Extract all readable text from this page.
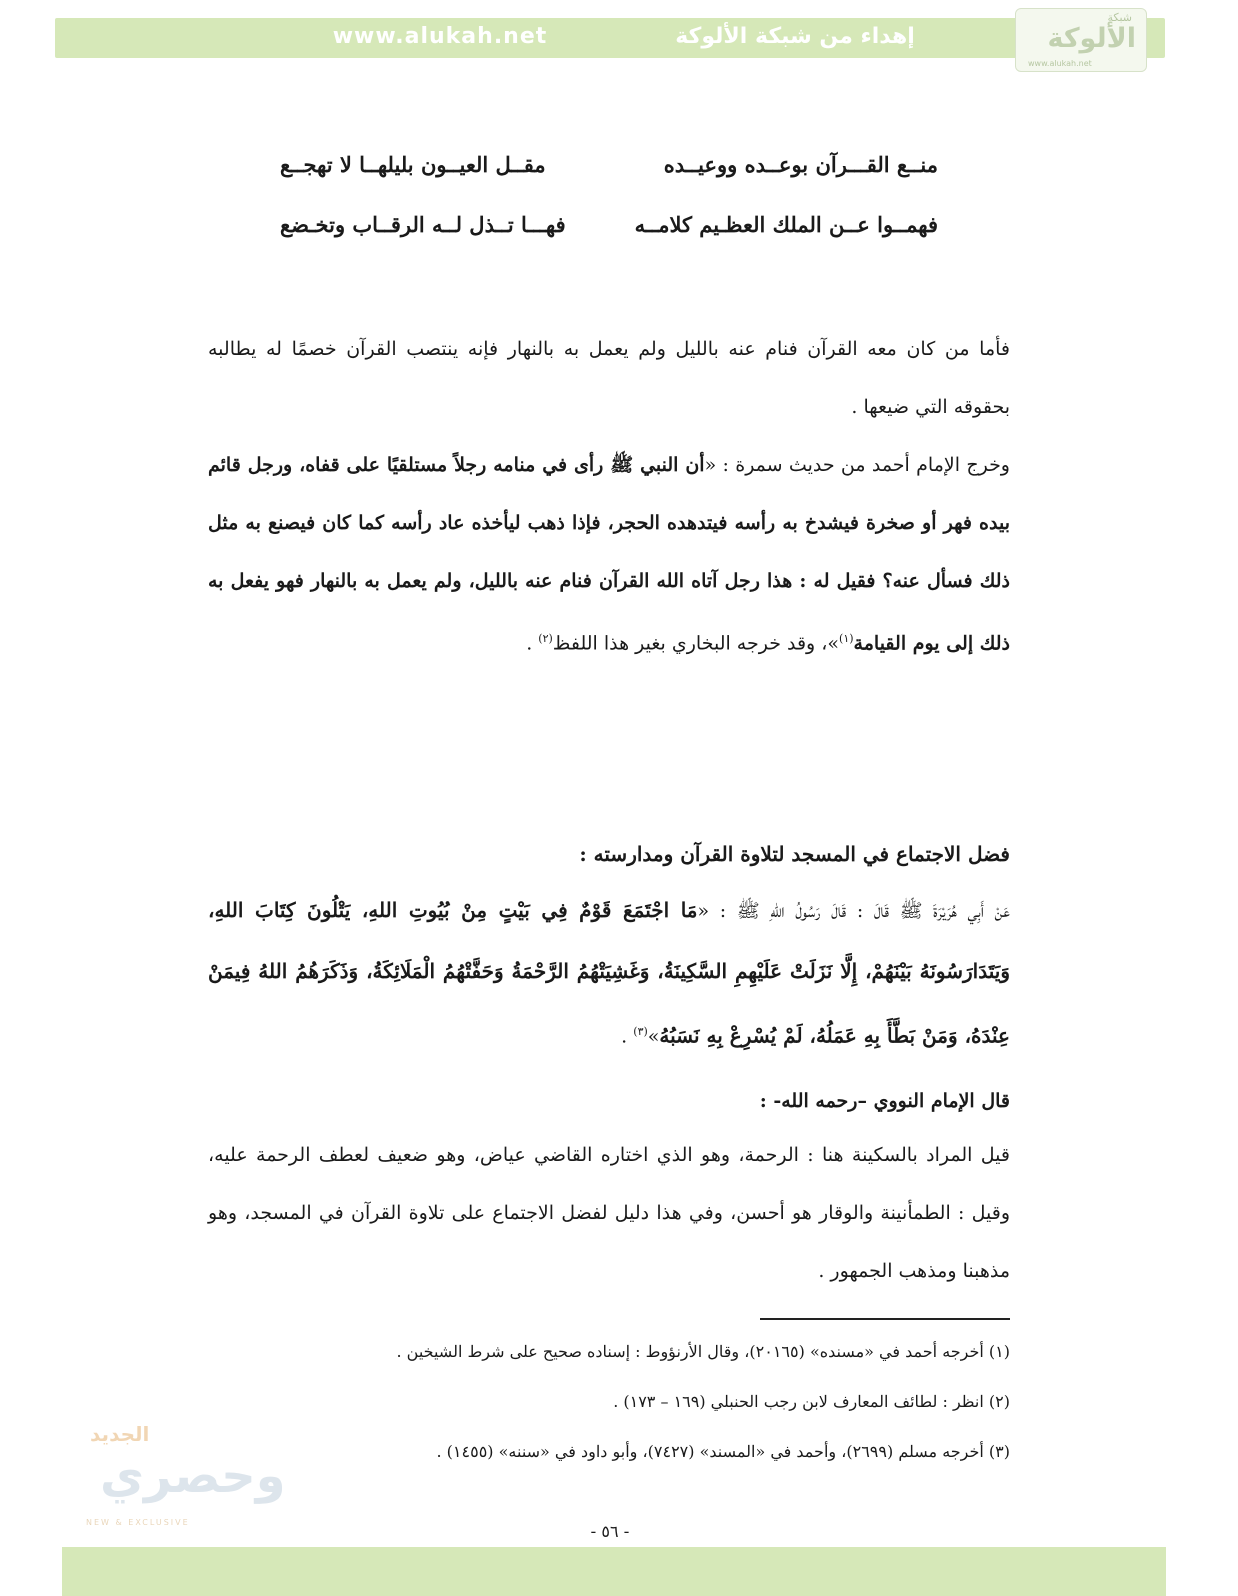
www.alukah.net	إهداء من شبكة الألوكة
شبكة
الألوكة
www.alukah.net
منــع القـــرآن بوعــده ووعيــده
مقــل العيــون بليلهــا لا تهجــع
فهمــوا عــن الملك العظـيم كلامــه
فهـــا تــذل لــه الرقــاب وتخـضع

فأما من كان معه القرآن فنام عنه بالليل ولم يعمل به بالنهار فإنه ينتصب القرآن خصمًا له يطالبه بحقوقه التي ضيعها .

وخرج الإمام أحمد من حديث سمرة : «أن النبي ﷺ رأى في منامه رجلاً مستلقيًا على قفاه، ورجل قائم بيده فهر أو صخرة فيشدخ به رأسه فيتدهده الحجر، فإذا ذهب ليأخذه عاد رأسه كما كان فيصنع به مثل ذلك فسأل عنه؟ فقيل له : هذا رجل آتاه الله القرآن فنام عنه بالليل، ولم يعمل به بالنهار فهو يفعل به ذلك إلى يوم القيامة$^{(١)}$»، وقد خرجه البخاري بغير هذا اللفظ$^{(٢)}$ .

فضل الاجتماع في المسجد لتلاوة القرآن ومدارسته :

عَنْ أَبِي هُرَيْرَةَ ﷺ قَالَ : قَالَ رَسُولُ اللهِ ﷺ : «مَا اجْتَمَعَ قَوْمٌ فِي بَيْتٍ مِنْ بُيُوتِ اللهِ، يَتْلُونَ كِتَابَ اللهِ، وَيَتَدَارَسُونَهُ بَيْنَهُمْ، إِلَّا نَزَلَتْ عَلَيْهِمِ السَّكِينَةُ، وَغَشِيَتْهُمُ الرَّحْمَةُ وَحَفَّتْهُمُ الْمَلَائِكَةُ، وَذَكَرَهُمُ اللهُ فِيمَنْ عِنْدَهُ، وَمَنْ بَطَّأَ بِهِ عَمَلُهُ، لَمْ يُسْرِعْ بِهِ نَسَبُهُ»$^{(٣)}$ .

قال الإمام النووي –رحمه الله- :

قيل المراد بالسكينة هنا : الرحمة، وهو الذي اختاره القاضي عياض، وهو ضعيف لعطف الرحمة عليه، وقيل : الطمأنينة والوقار هو أحسن، وفي هذا دليل لفضل الاجتماع على تلاوة القرآن في المسجد، وهو مذهبنا ومذهب الجمهور .

(١) أخرجه أحمد في «مسنده» (٢٠١٦٥)، وقال الأرنؤوط : إسناده صحيح على شرط الشيخين .

(٢) انظر : لطائف المعارف لابن رجب الحنبلي (١٦٩ – ١٧٣) .

(٣) أخرجه مسلم (٢٦٩٩)، وأحمد في «المسند» (٧٤٢٧)، وأبو داود في «سننه» (١٤٥٥) .

الجديد
وحصري
NEW & EXCLUSIVE	- ٥٦ -
